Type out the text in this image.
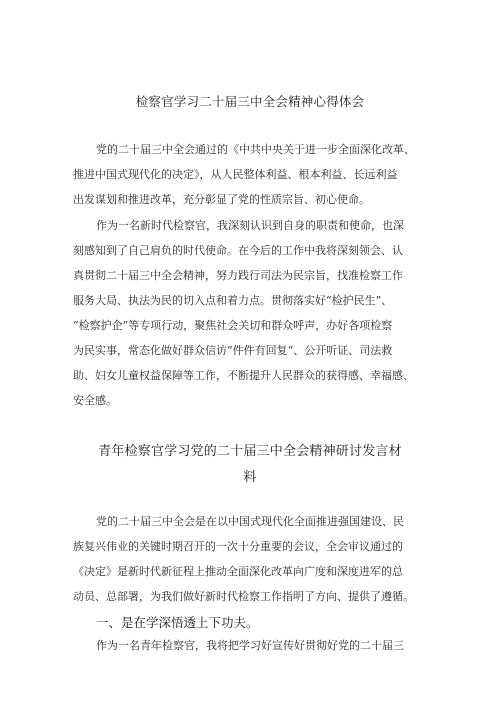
检察官学习二十届三中全会精神心得体会
党的二十届三中全会通过的《中共中央关于进一步全面深化改革、
推进中国式现代化的决定》，从人民整体利益、根本利益、长远利益
出发谋划和推进改革，充分彰显了党的性质宗旨、初心使命。
作为一名新时代检察官，我深刻认识到自身的职责和使命，也深
刻感知到了自己肩负的时代使命。在今后的工作中我将深刻领会、认
真贯彻二十届三中全会精神，努力践行司法为民宗旨，找准检察工作
服务大局、执法为民的切入点和着力点。贯彻落实好“检护民生”、
“检察护企”等专项行动，聚焦社会关切和群众呼声，办好各项检察
为民实事，常态化做好群众信访”件件有回复“、公开听证、司法救
助、妇女儿童权益保障等工作，不断提升人民群众的获得感、幸福感、
安全感。
青年检察官学习党的二十届三中全会精神研讨发言材
料
党的二十届三中全会是在以中国式现代化全面推进强国建设、民
族复兴伟业的关键时期召开的一次十分重要的会议，全会审议通过的
《决定》是新时代新征程上推动全面深化改革向广度和深度进军的总
动员、总部署，为我们做好新时代检察工作指明了方向、提供了遵循。
一、是在学深悟透上下功夫。
作为一名青年检察官，我将把学习好宣传好贯彻好党的二十届三
